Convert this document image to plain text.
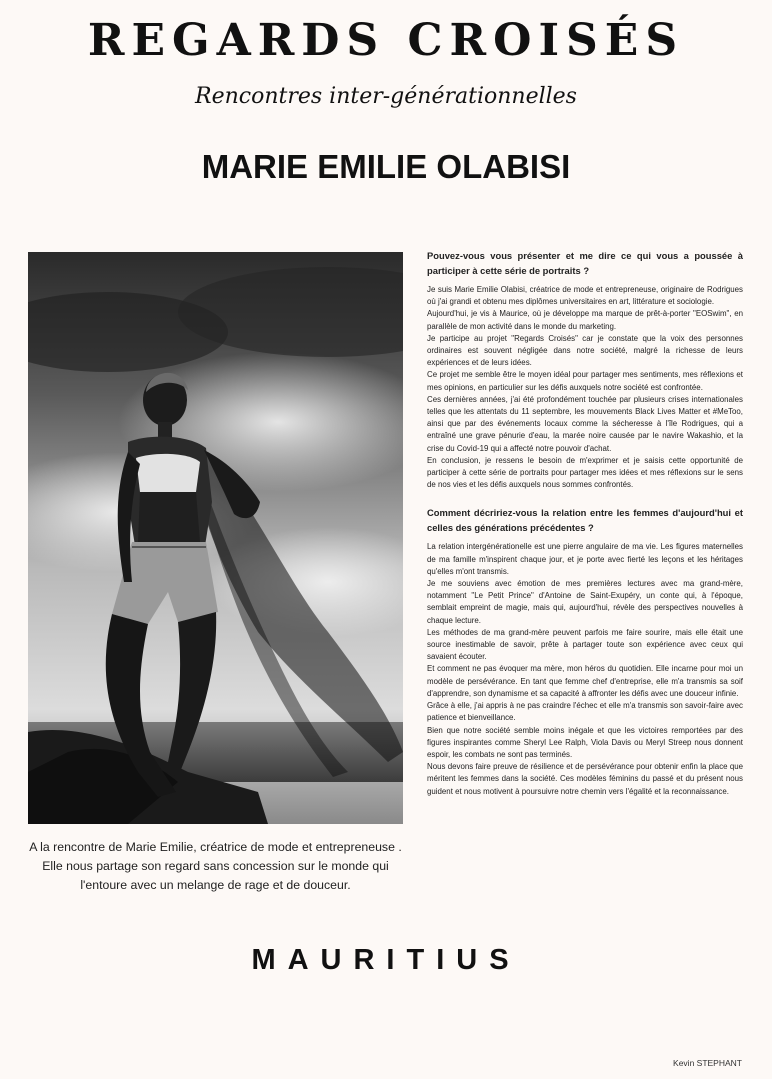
REGARDS CROISÉS
Rencontres inter-générationnelles
MARIE EMILIE OLABISI

A la rencontre de Marie Emilie, créatrice de mode et entrepreneuse .

Elle nous partage son regard sans concession sur le monde qui

l'entoure avec un melange de rage et de douceur.

Pouvez-vous vous présenter et me dire ce qui vous a poussée à participer à cette série de portraits ?

Je suis Marie Emilie Olabisi, créatrice de mode et entrepreneuse, originaire de Rodrigues où j'ai grandi et obtenu mes diplômes universitaires en art, littérature et sociologie.

Aujourd'hui, je vis à Maurice, où je développe ma marque de prêt-à-porter "EOSwim", en parallèle de mon activité dans le monde du marketing.

Je participe au projet "Regards Croisés" car je constate que la voix des personnes ordinaires est souvent négligée dans notre société, malgré la richesse de leurs expériences et de leurs idées.

Ce projet me semble être le moyen idéal pour partager mes sentiments, mes réflexions et mes opinions, en particulier sur les défis auxquels notre société est confrontée.

Ces dernières années, j'ai été profondément touchée par plusieurs crises internationales telles que les attentats du 11 septembre, les mouvements Black Lives Matter et #MeToo, ainsi que par des événements locaux comme la sécheresse à l'île Rodrigues, qui a entraîné une grave pénurie d'eau, la marée noire causée par le navire Wakashio, et la crise du Covid-19 qui a affecté notre pouvoir d'achat.

En conclusion, je ressens le besoin de m'exprimer et je saisis cette opportunité de participer à cette série de portraits pour partager mes idées et mes réflexions sur le sens de nos vies et les défis auxquels nous sommes confrontés.

Comment décririez-vous la relation entre les femmes d'aujourd'hui et celles des générations précédentes ?

La relation intergénérationelle est une pierre angulaire de ma vie. Les figures maternelles de ma famille m'inspirent chaque jour, et je porte avec fierté les leçons et les héritages qu'elles m'ont transmis.

Je me souviens avec émotion de mes premières lectures avec ma grand-mère, notamment "Le Petit Prince" d'Antoine de Saint-Exupéry, un conte qui, à l'époque, semblait empreint de magie, mais qui, aujourd'hui, révèle des perspectives nouvelles à chaque lecture.

Les méthodes de ma grand-mère peuvent parfois me faire sourire, mais elle était une source inestimable de savoir, prête à partager toute son expérience avec ceux qui savaient écouter.

Et comment ne pas évoquer ma mère, mon héros du quotidien. Elle incarne pour moi un modèle de persévérance. En tant que femme chef d'entreprise, elle m'a transmis sa soif d'apprendre, son dynamisme et sa capacité à affronter les défis avec une douceur infinie.

Grâce à elle, j'ai appris à ne pas craindre l'échec et elle m'a transmis son savoir-faire avec patience et bienveillance.

Bien que notre société semble moins inégale et que les victoires remportées par des figures inspirantes comme Sheryl Lee Ralph, Viola Davis ou Meryl Streep nous donnent espoir, les combats ne sont pas terminés.

Nous devons faire preuve de résilience et de persévérance pour obtenir enfin la place que méritent les femmes dans la société. Ces modèles féminins du passé et du présent nous guident et nous motivent à poursuivre notre chemin vers l'égalité et la reconnaissance.

MAURITIUS
Kevin STEPHANT
